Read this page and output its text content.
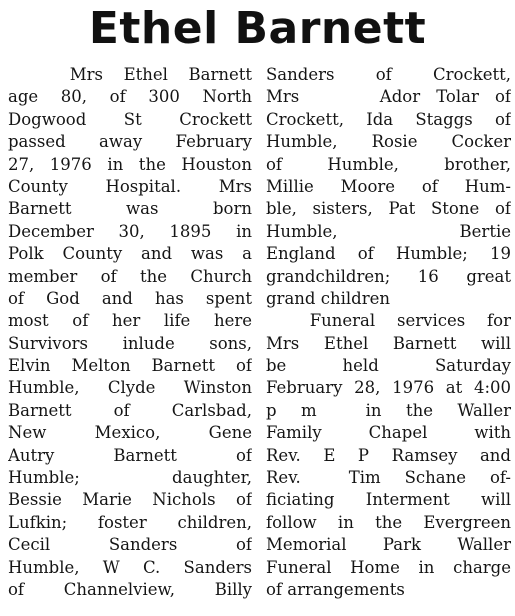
Ethel Barnett
Mrs Ethel Barnett
age 80, of 300 North
Dogwood St Crockett
passed away February
27, 1976 in the Houston
County Hospital. Mrs
Barnett   was   born
December 30, 1895 in
Polk County and was a
member of the Church
of God and has spent
most of her life here
Survivors inlude sons,
Elvin Melton Barnett of
Humble, Clyde Winston
Barnett of Carlsbad,
New  Mexico,  Gene
Autry  Barnett  of
Humble;   daughter,
Bessie Marie Nichols of
Lufkin; foster children,
Cecil   Sanders   of
Humble, W C. Sanders
of Channelview, Billy
Sanders of Crockett,
Mrs     Ador Tolar of
Crockett, Ida Staggs of
Humble, Rosie Cocker
of Humble, brother,
Millie Moore of Hum-
ble, sisters, Pat Stone of
Humble,  Bertie
England of Humble; 19
grandchildren; 16 great
grand children
Funeral services for
Mrs Ethel Barnett will
be  held  Saturday
February 28, 1976 at 4:00
p m  in the Waller
Family Chapel with
Rev. E P Ramsey and
Rev.  Tim Schane of-
ficiating Interment will
follow in the Evergreen
Memorial Park Waller
Funeral Home in charge
of arrangements
